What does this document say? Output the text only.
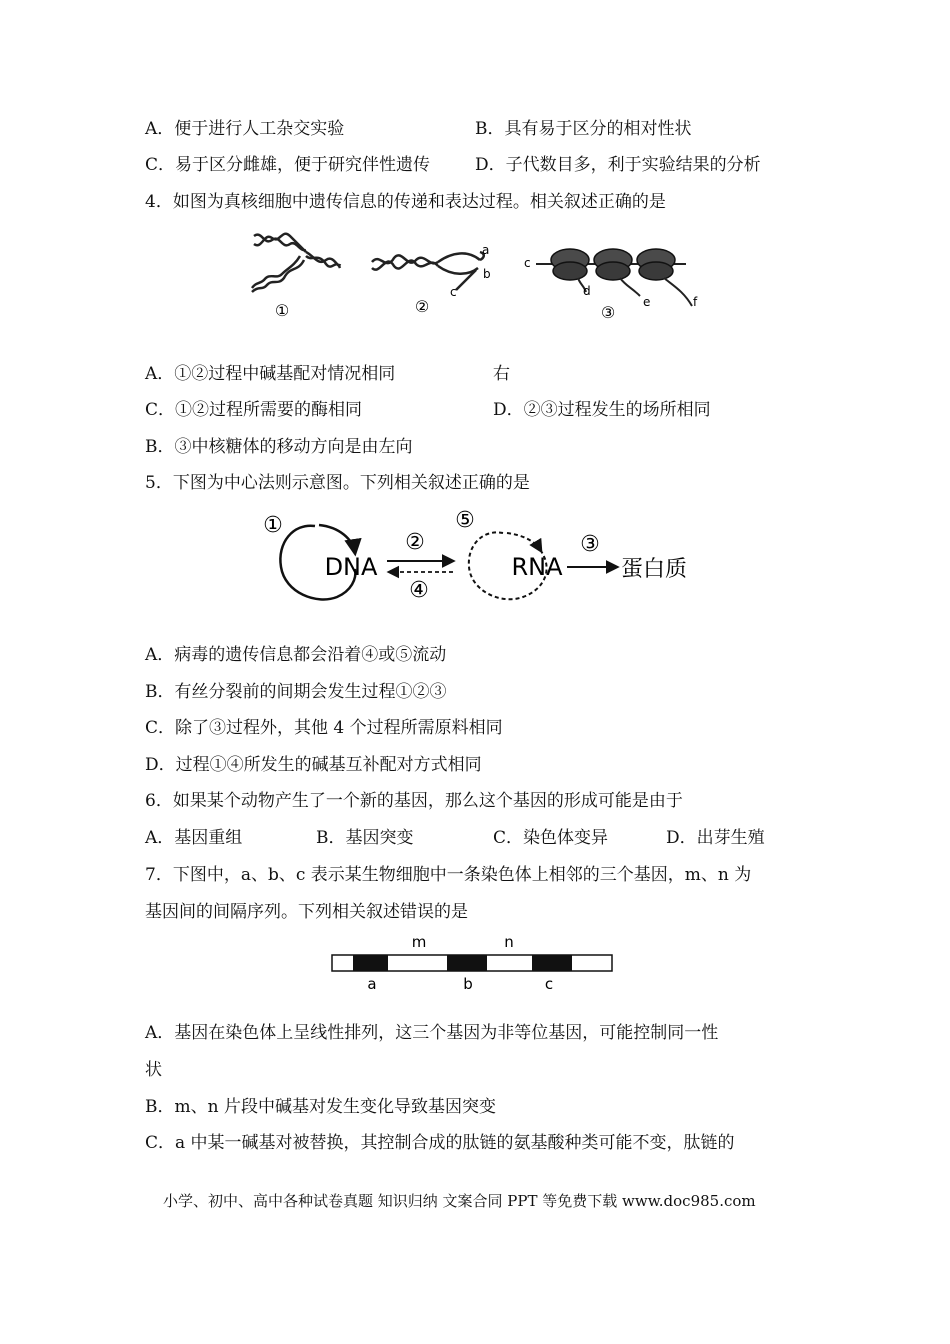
A．便于进行人工杂交实验	B．具有易于区分的相对性状
C．易于区分雌雄，便于研究伴性遗传	D．子代数目多，利于实验结果的分析
4．如图为真核细胞中遗传信息的传递和表达过程。相关叙述正确的是
①
a
b
c
②
c
d
e	f
③
A．①②过程中碱基配对情况相同	右
C．①②过程所需要的酶相同	D．②③过程发生的场所相同
B．③中核糖体的移动方向是由左向
5．下图为中心法则示意图。下列相关叙述正确的是
①
DNA
②
④
⑤
RNA
③
蛋白质
A．病毒的遗传信息都会沿着④或⑤流动
B．有丝分裂前的间期会发生过程①②③
C．除了③过程外，其他 4 个过程所需原料相同
D．过程①④所发生的碱基互补配对方式相同
6．如果某个动物产生了一个新的基因，那么这个基因的形成可能是由于
A．基因重组	B．基因突变	C．染色体变异	D．出芽生殖
7．下图中，a、b、c 表示某生物细胞中一条染色体上相邻的三个基因，m、n 为
基因间的间隔序列。下列相关叙述错误的是
m	n
a	b	c
A．基因在染色体上呈线性排列，这三个基因为非等位基因，可能控制同一性
状
B．m、n 片段中碱基对发生变化导致基因突变
C．a 中某一碱基对被替换，其控制合成的肽链的氨基酸种类可能不变，肽链的
小学、初中、高中各种试卷真题 知识归纳 文案合同 PPT 等免费下载 www.doc985.com
